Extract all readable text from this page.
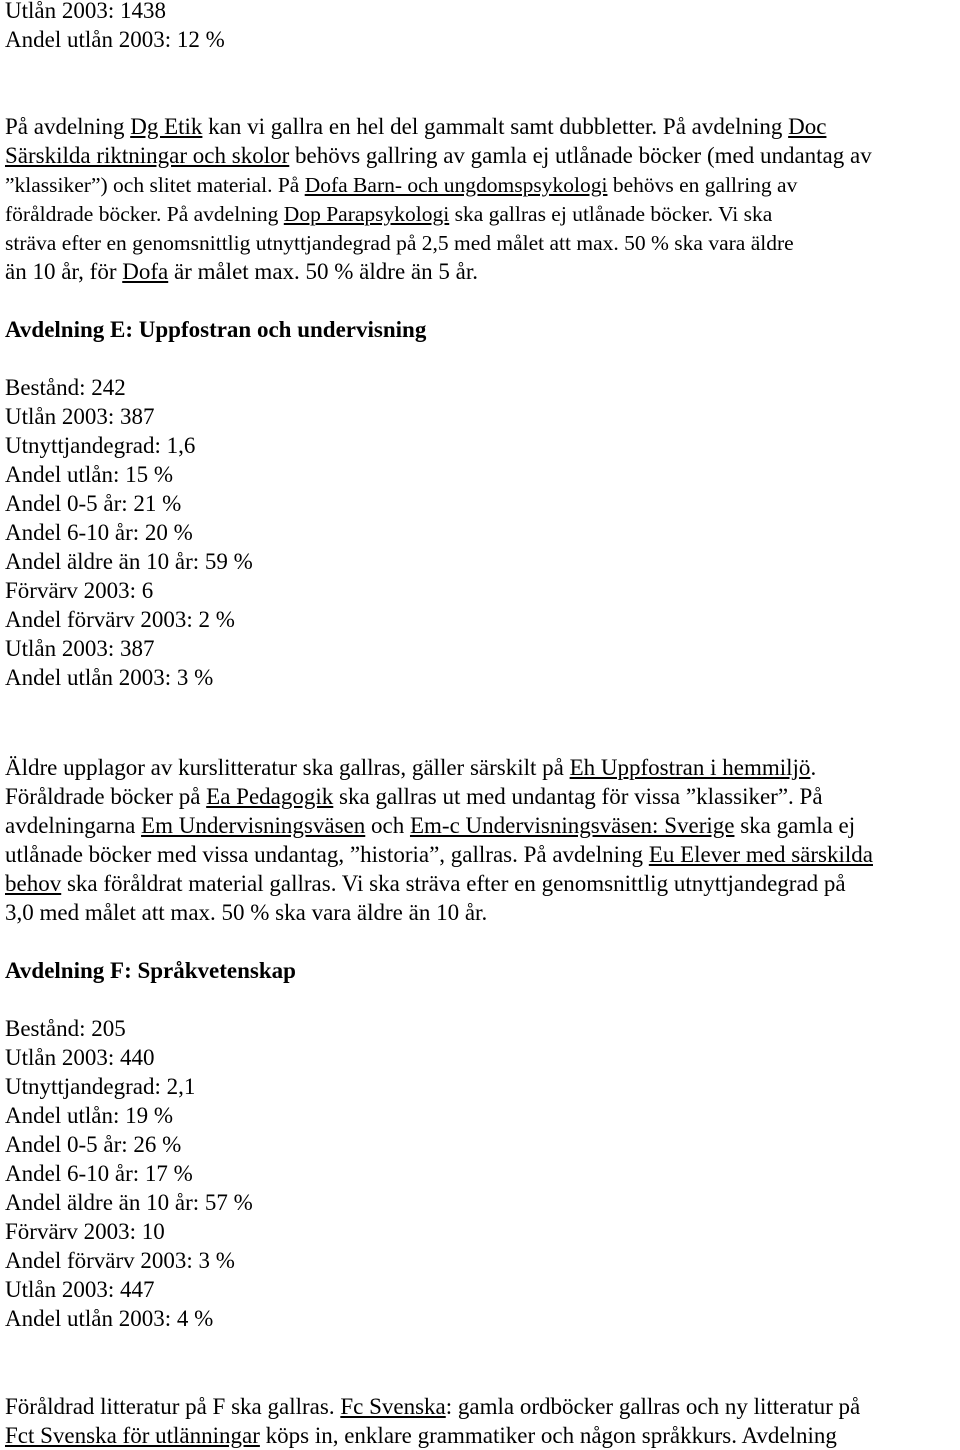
Utlån 2003: 1438
Andel utlån 2003: 12 %
På avdelning Dg Etik kan vi gallra en hel del gammalt samt dubbletter. På avdelning Doc
Särskilda riktningar och skolor behövs gallring av gamla ej utlånade böcker (med undantag av
”klassiker”) och slitet material. På Dofa Barn- och ungdomspsykologi behövs en gallring av
föråldrade böcker. På avdelning Dop Parapsykologi ska gallras ej utlånade böcker. Vi ska
sträva efter en genomsnittlig utnyttjandegrad på 2,5 med målet att max. 50 % ska vara äldre
än 10 år, för Dofa är målet max. 50 % äldre än 5 år.
Avdelning E: Uppfostran och undervisning
Bestånd: 242
Utlån 2003: 387
Utnyttjandegrad: 1,6
Andel utlån: 15 %
Andel 0-5 år: 21 %
Andel 6-10 år: 20 %
Andel äldre än 10 år: 59 %
Förvärv 2003: 6
Andel förvärv 2003: 2 %
Utlån 2003: 387
Andel utlån 2003: 3 %
Äldre upplagor av kurslitteratur ska gallras, gäller särskilt på Eh Uppfostran i hemmiljö.
Föråldrade böcker på Ea Pedagogik ska gallras ut med undantag för vissa ”klassiker”. På
avdelningarna Em Undervisningsväsen och Em-c Undervisningsväsen: Sverige ska gamla ej
utlånade böcker med vissa undantag, ”historia”, gallras. På avdelning Eu Elever med särskilda
behov ska föråldrat material gallras. Vi ska sträva efter en genomsnittlig utnyttjandegrad på
3,0 med målet att max. 50 % ska vara äldre än 10 år.
Avdelning F: Språkvetenskap
Bestånd: 205
Utlån 2003: 440
Utnyttjandegrad: 2,1
Andel utlån: 19 %
Andel 0-5 år: 26 %
Andel 6-10 år: 17 %
Andel äldre än 10 år: 57 %
Förvärv 2003: 10
Andel förvärv 2003: 3 %
Utlån 2003: 447
Andel utlån 2003: 4 %
Föråldrad litteratur på F ska gallras. Fc Svenska: gamla ordböcker gallras och ny litteratur på
Fct Svenska för utlänningar köps in, enklare grammatiker och någon språkkurs. Avdelning
